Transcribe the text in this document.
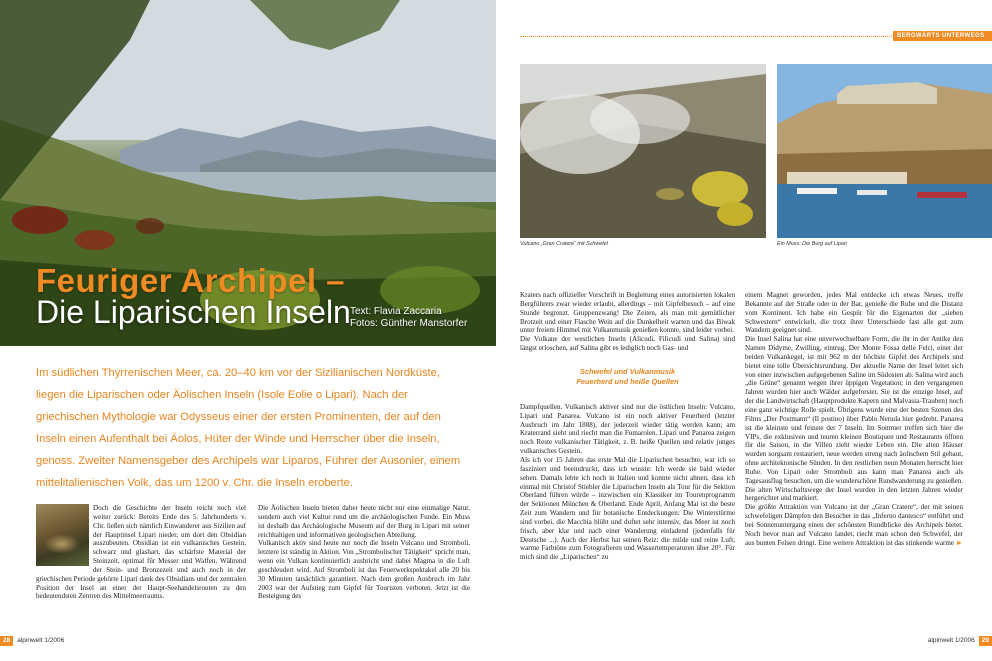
Feuriger Archipel –
Die Liparischen Inseln Text: Flavia Zaccaria
Fotos: Günther Manstorfer
Im südlichen Thyrrenischen Meer, ca. 20–40 km vor der Sizilianischen Nordküste, liegen die Liparischen oder Äolischen Inseln (Isole Eolie o Lipari). Nach der griechischen Mythologie war Odysseus einer der ersten Prominenten, der auf den Inseln einen Aufenthalt bei Äolos, Hüter der Winde und Herrscher über die Inseln, genoss. Zweiter Namensgeber des Archipels war Liparos, Führer der Ausonier, einem mittelitalienischen Volk, das um 1200 v. Chr. die Inseln eroberte.

Doch die Geschichte der Inseln reicht noch viel weiter zurück: Bereits Ende des 5. Jahrhunderts v. Chr. ließen sich nämlich Einwanderer aus Sizilien auf der Hauptinsel Lipari nieder, um dort den Obsidian auszubeuten. Obsidian ist ein vulkanisches Gestein, schwarz und glashart, das schärfste Material der Steinzeit, optimal für Messer und Waffen. Während der Stein- und Bronzezeit und auch noch in der griechischen Periode gehörte Lipari dank des Obsidians und der zentralen Position der Insel an einer der Haupt-Seehandelsrouten zu den bedeutendsten Zentren des Mittelmeerraums.

Die Äolischen Inseln bieten daher heute nicht nur eine einmalige Natur, sondern auch viel Kultur rund um die archäologischen Funde. Ein Muss ist deshalb das Archäologische Museum auf der Burg in Lipari mit seiner reichhaltigen und informativen geologischen Abteilung.

Vulkanisch aktiv sind heute nur noch die Inseln Vulcano und Stromboli, letztere ist ständig in Aktion. Von „Strombolischer Tätigkeit“ spricht man, wenn ein Vulkan kontinuierlich ausbricht und dabei Magma in die Luft geschleudert wird. Auf Stromboli ist das Feuerwerkspektakel alle 20 bis 30 Minuten tatsächlich garantiert. Nach dem großen Ausbruch im Jahr 2003 war der Aufstieg zum Gipfel für Touristen verboten. Jetzt ist die Besteigung des

28 alpinwelt 1/2006
BERGWÄRTS UNTERWEGS
Vulcano „Gran Cratere“ mit Schwefel	Ein Muss: Die Burg auf Lipari

Kraters nach offizieller Vorschrift in Begleitung eines autorisierten lokalen Bergführers zwar wieder erlaubt, allerdings – mit Gipfelbesuch – auf eine Stunde begrenzt. Gruppenzwang! Die Zeiten, als man mit gemütlicher Brotzeit und einer Flasche Wein auf die Dunkelheit warten und das Biwak unter freiem Himmel mit Vulkanmusik genießen konnte, sind leider vorbei.

Die Vulkane der westlichen Inseln (Alicudi, Filicudi und Salina) sind längst erloschen, auf Salina gibt es lediglich noch Gas- und

Schwefel und Vulkanmusik
Feuerherd und heiße Quellen

Dampfquellen. Vulkanisch aktiver sind nur die östlichen Inseln: Vulcano, Lipari und Panarea. Vulcano ist ein noch aktiver Feuerherd (letzter Ausbruch im Jahr 1888), der jederzeit wieder tätig werden kann; am Kraterrand sieht und riecht man die Fumarolen. Lipari und Panarea zeigen noch Reste vulkanischer Tätigkeit, z. B. heiße Quellen und relativ junges vulkanisches Gestein.

Als ich vor 15 Jahren das erste Mal die Liparischen besuchte, war ich so fasziniert und beeindruckt, dass ich wusste: Ich werde sie bald wieder sehen. Damals lebte ich noch in Italien und konnte nicht ahnen, dass ich einmal mit Christof Stiebler die Liparischen Inseln als Tour für die Sektion Oberland führen würde – inzwischen ein Klassiker im Tourenprogramm der Sektionen München & Oberland. Ende April, Anfang Mai ist die beste Zeit zum Wandern und für botanische Entdeckungen: Die Winterstürme sind vorbei, die Macchia blüht und duftet sehr intensiv, das Meer ist noch frisch, aber klar und nach einer Wanderung einladend (jedenfalls für Deutsche ...). Auch der Herbst hat seinen Reiz: die milde und reine Luft, warme Farbtöne zum Fotografieren und Wassertemperaturen über 20°. Für mich sind die „Liparischen“ zu

einem Magnet geworden, jedes Mal entdecke ich etwas Neues, treffe Bekannte auf der Straße oder in der Bar, genieße die Ruhe und die Distanz vom Kontinent. Ich habe ein Gespür für die Eigenarten der „sieben Schwestern“ entwickelt, die trotz ihrer Unterschiede fast alle gut zum Wandern geeignet sind.

Die Insel Salina hat eine unverwechselbare Form, die ihr in der Antike den Namen Didyme, Zwilling, eintrug. Der Monte Fossa delle Felci, einer der beiden Vulkankegel, ist mit 962 m der höchste Gipfel des Archipels und bietet eine tolle Übersichtsrundung. Der aktuelle Name der Insel leitet sich von einer inzwischen aufgegebenen Saline im Südosten ab. Salina wird auch „die Grüne“ genannt wegen ihrer üppigen Vegetation; in den vergangenen Jahren wurden hier auch Wälder aufgeforstet. Sie ist die einzige Insel, auf der die Landwirtschaft (Hauptprodukte Kapern und Malvasia-Trauben) noch eine ganz wichtige Rolle spielt. Übrigens wurde eine der besten Szenen des Films „Der Postmann“ (Il postino) über Pablo Neruda hier gedreht. Panarea ist die kleinste und feinste der 7 Inseln. Im Sommer treffen sich hier die VIPs, die exklusiven und teuren kleinen Boutiquen und Restaurants öffnen für die Saison, in die Villen zieht wieder Leben ein. Die alten Häuser wurden sorgsam restauriert, neue werden streng nach äolischem Stil gebaut, ohne architektonische Sünden. In den restlichen neun Monaten herrscht hier Ruhe. Von Lipari oder Stromboli aus kann man Panarea auch als Tagesausflug besuchen, um die wunderschöne Rundwanderung zu genießen. Die alten Wirtschaftswege der Insel wurden in den letzten Jahren wieder hergerichtet und markiert.

Die größte Attraktion von Vulcano ist der „Gran Cratere“, der mit seinen schwefeligen Dämpfen den Besucher in das „Inferno dantesco“ entführt und bei Sonnenuntergang einen der schönsten Rundblicke des Archipels bietet. Noch bevor man auf Vulcano landet, riecht man schon den Schwefel, der aus bunten Felsen dringt. Eine weitere Attraktion ist das stinkende warme ►

alpinwelt 1/2006 29
